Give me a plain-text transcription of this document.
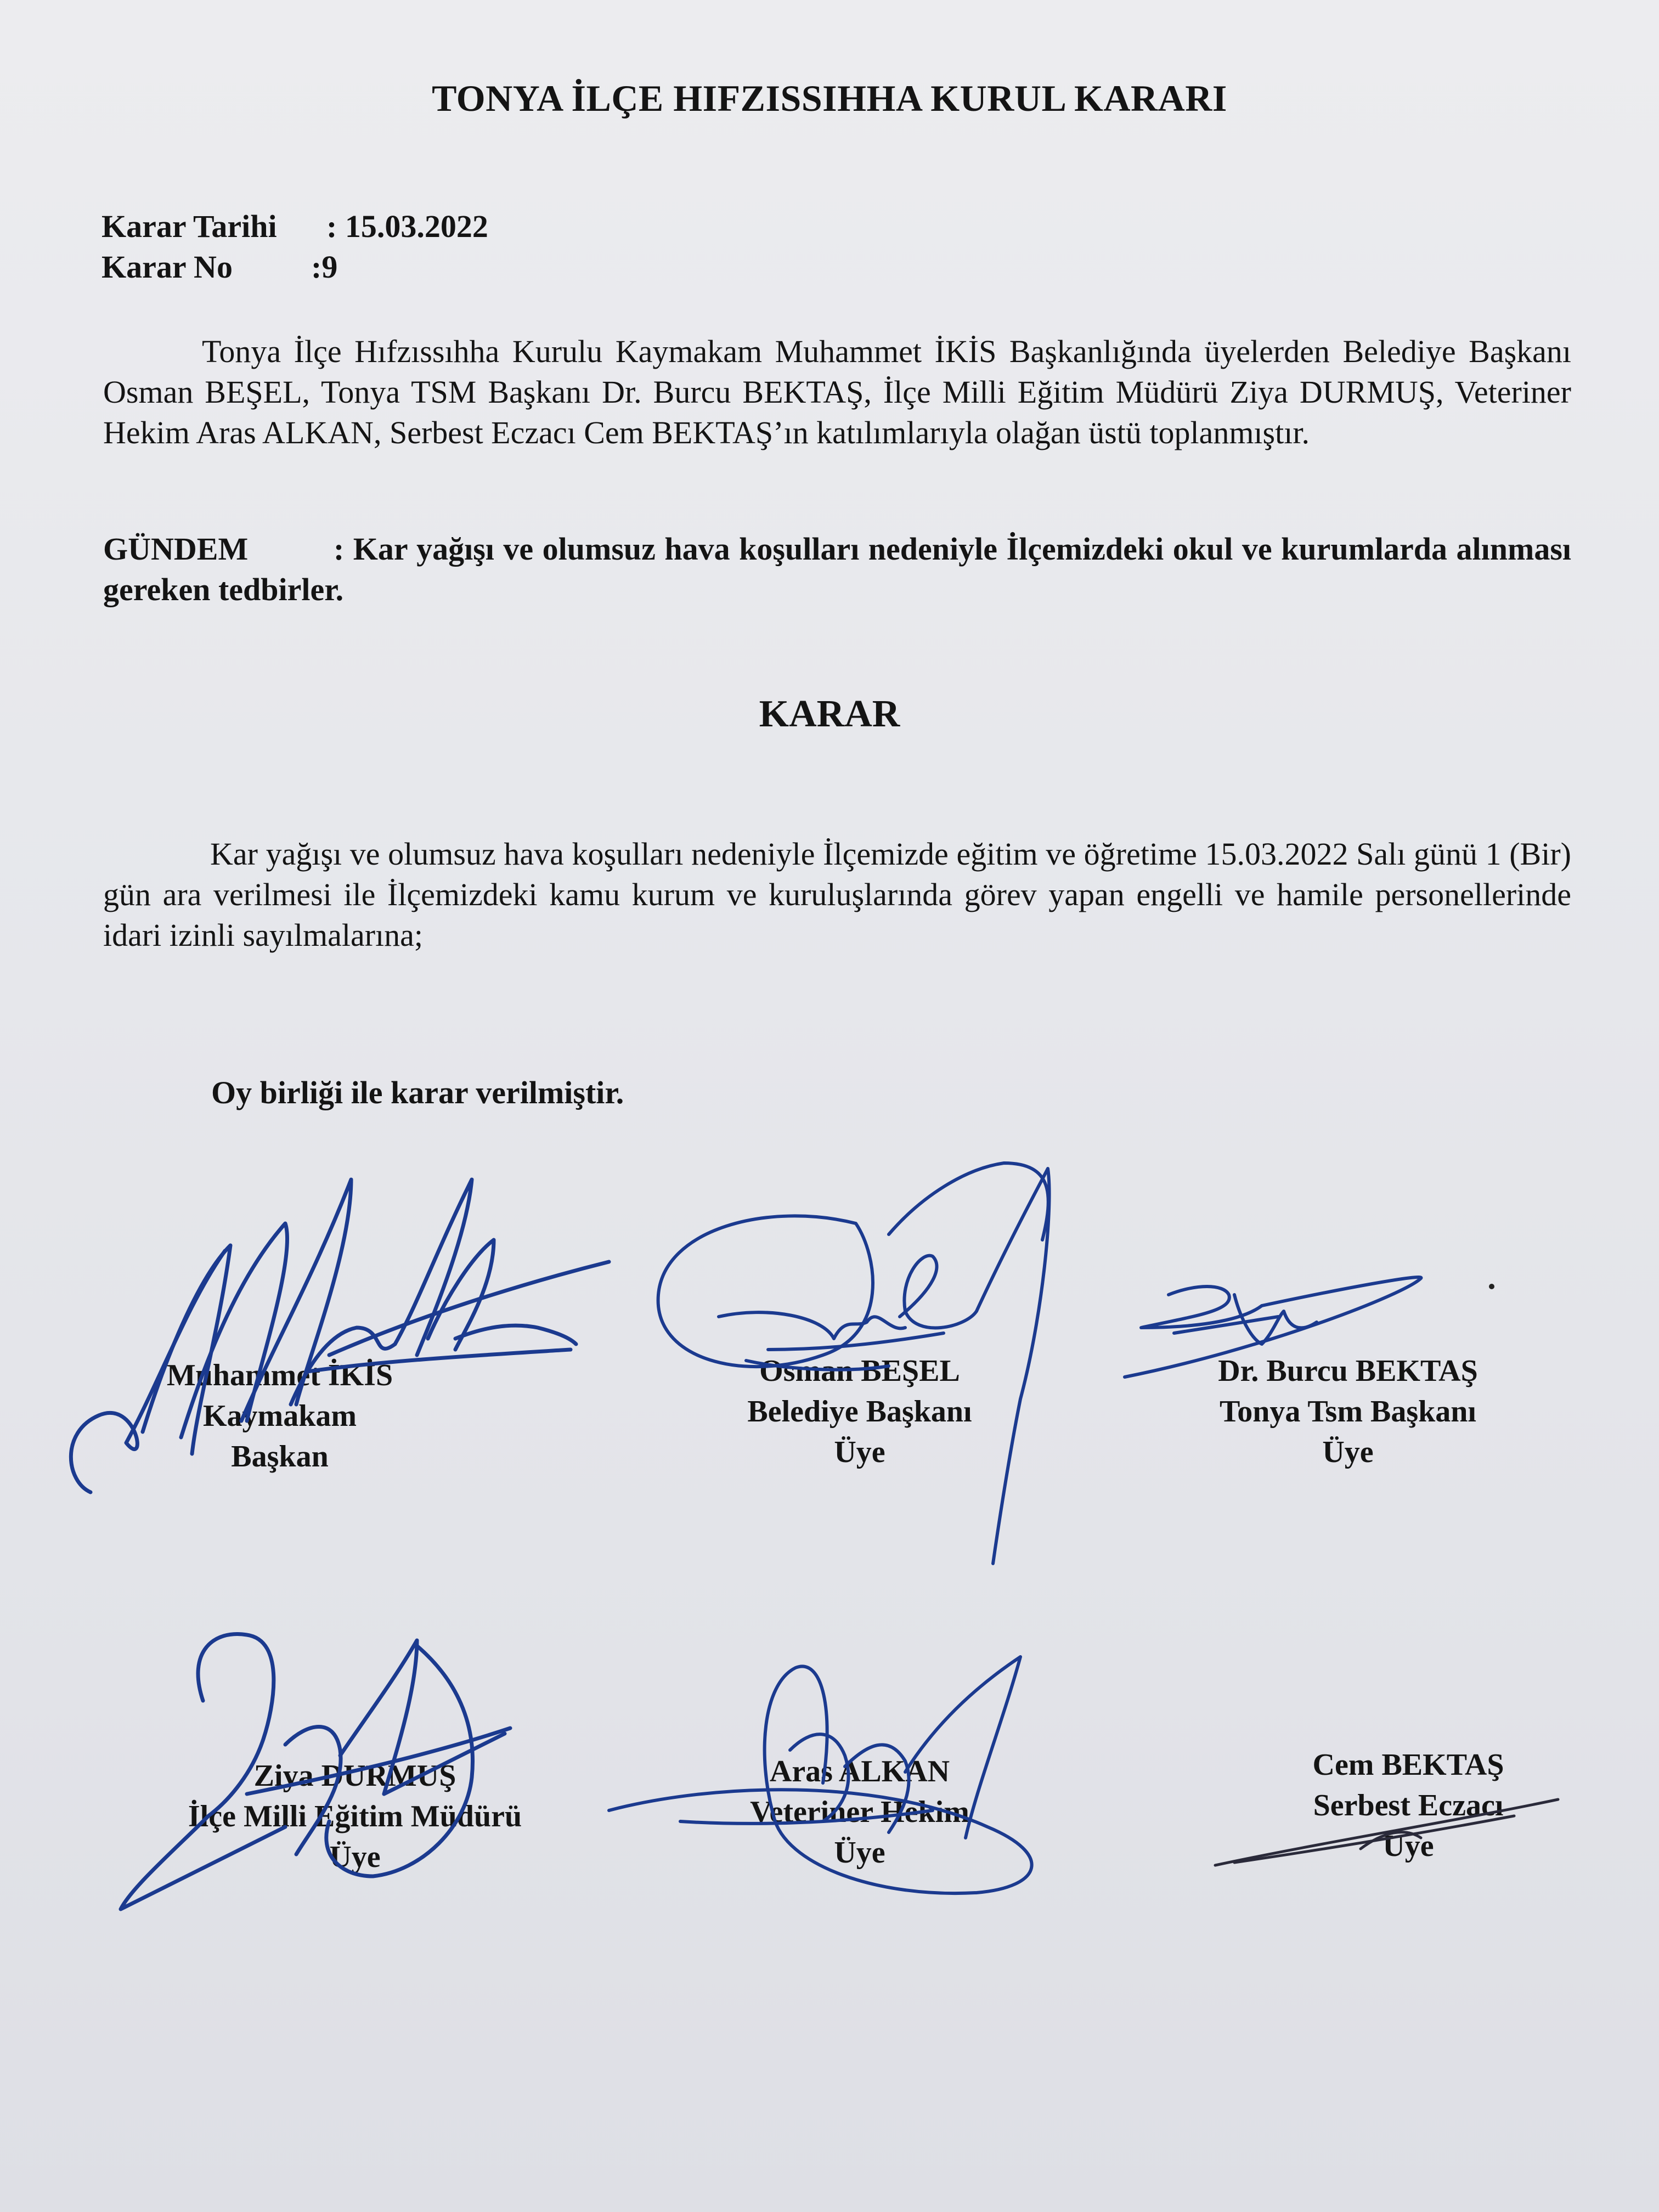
TONYA İLÇE HIFZISSIHHA KURUL KARARI
Karar Tarihi : 15.03.2022
Karar No :9
Tonya İlçe Hıfzıssıhha Kurulu Kaymakam Muhammet İKİS Başkanlığında üyelerden Belediye Başkanı Osman BEŞEL, Tonya TSM Başkanı Dr. Burcu BEKTAŞ, İlçe Milli Eğitim Müdürü Ziya DURMUŞ, Veteriner Hekim Aras ALKAN, Serbest Eczacı Cem BEKTAŞ’ın katılımlarıyla olağan üstü toplanmıştır.
GÜNDEM	: Kar yağışı ve olumsuz hava koşulları nedeniyle İlçemizdeki okul ve kurumlarda alınması gereken tedbirler.
KARAR
Kar yağışı ve olumsuz hava koşulları nedeniyle İlçemizde eğitim ve öğretime 15.03.2022 Salı günü 1 (Bir) gün ara verilmesi ile İlçemizdeki kamu kurum ve kuruluşlarında görev yapan engelli ve hamile personellerinde idari izinli sayılmalarına;
Oy birliği ile karar verilmiştir.
Muhammet İKİS
Kaymakam
Başkan
Osman BEŞEL
Belediye Başkanı
Üye
Dr. Burcu BEKTAŞ
Tonya Tsm Başkanı
Üye
Ziya DURMUŞ
İlçe Milli Eğitim Müdürü
Üye
Aras ALKAN
Veteriner Hekim
Üye
Cem BEKTAŞ
Serbest Eczacı
Üye
